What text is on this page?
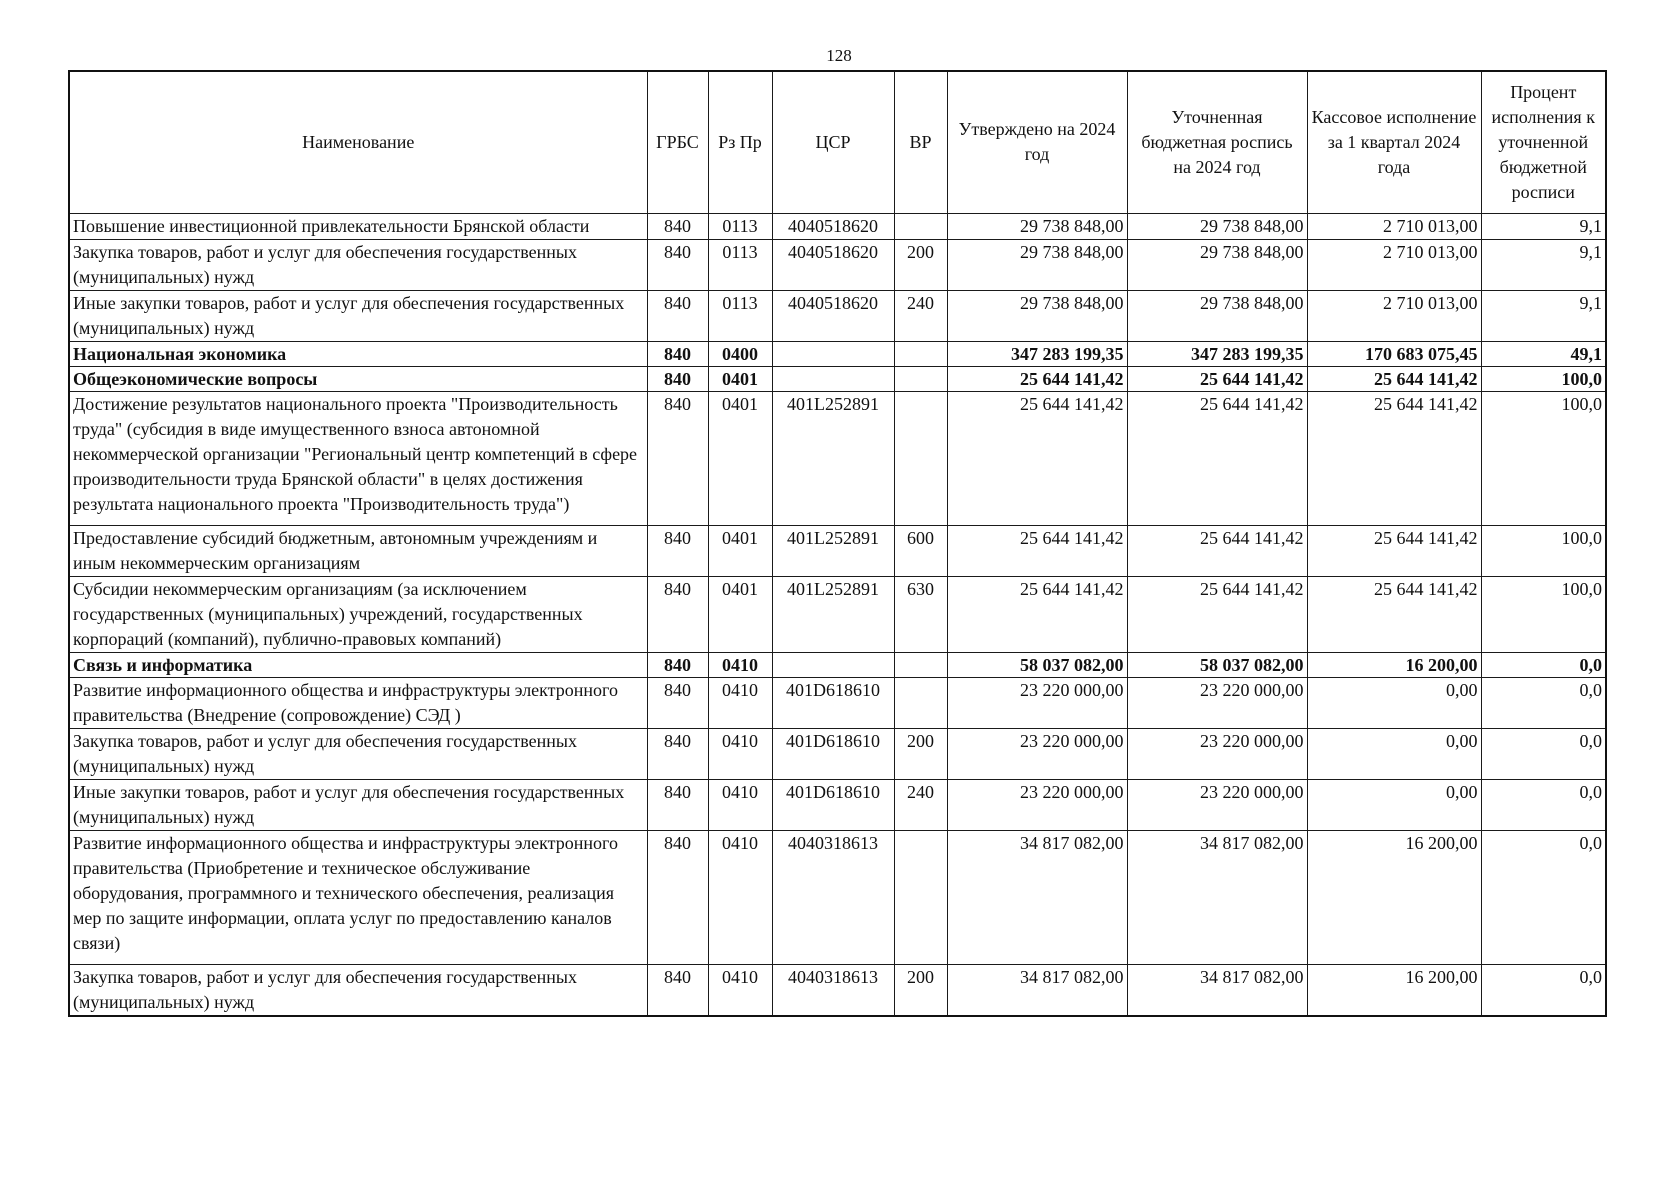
128
Наименование	ГРБС	Рз Пр	ЦСР	ВР	Утверждено на 2024 год	Уточненная бюджетная роспись на 2024 год	Кассовое исполнение за 1 квартал 2024 года	Процент исполнения к уточненной бюджетной росписи
Повышение инвестиционной привлекательности Брянской области	840	0113	4040518620		29 738 848,00	29 738 848,00	2 710 013,00	9,1
Закупка товаров, работ и услуг для обеспечения государственных (муниципальных) нужд	840	0113	4040518620	200	29 738 848,00	29 738 848,00	2 710 013,00	9,1
Иные закупки товаров, работ и услуг для обеспечения государственных (муниципальных) нужд	840	0113	4040518620	240	29 738 848,00	29 738 848,00	2 710 013,00	9,1
Национальная экономика	840	0400			347 283 199,35	347 283 199,35	170 683 075,45	49,1
Общеэкономические вопросы	840	0401			25 644 141,42	25 644 141,42	25 644 141,42	100,0
Достижение результатов национального проекта "Производительность труда" (субсидия в виде имущественного взноса автономной некоммерческой организации "Региональный центр компетенций в сфере производительности труда Брянской области" в целях достижения результата национального проекта "Производительность труда")	840	0401	401L252891		25 644 141,42	25 644 141,42	25 644 141,42	100,0
Предоставление субсидий бюджетным, автономным учреждениям и иным некоммерческим организациям	840	0401	401L252891	600	25 644 141,42	25 644 141,42	25 644 141,42	100,0
Субсидии некоммерческим организациям (за исключением государственных (муниципальных) учреждений, государственных корпораций (компаний), публично-правовых компаний)	840	0401	401L252891	630	25 644 141,42	25 644 141,42	25 644 141,42	100,0
Связь и информатика	840	0410			58 037 082,00	58 037 082,00	16 200,00	0,0
Развитие информационного общества и инфраструктуры электронного правительства (Внедрение (сопровождение) СЭД )	840	0410	401D618610		23 220 000,00	23 220 000,00	0,00	0,0
Закупка товаров, работ и услуг для обеспечения государственных (муниципальных) нужд	840	0410	401D618610	200	23 220 000,00	23 220 000,00	0,00	0,0
Иные закупки товаров, работ и услуг для обеспечения государственных (муниципальных) нужд	840	0410	401D618610	240	23 220 000,00	23 220 000,00	0,00	0,0
Развитие информационного общества и инфраструктуры электронного правительства (Приобретение и техническое обслуживание оборудования, программного и технического обеспечения, реализация мер по защите информации, оплата услуг по предоставлению каналов связи)	840	0410	4040318613		34 817 082,00	34 817 082,00	16 200,00	0,0
Закупка товаров, работ и услуг для обеспечения государственных (муниципальных) нужд	840	0410	4040318613	200	34 817 082,00	34 817 082,00	16 200,00	0,0
